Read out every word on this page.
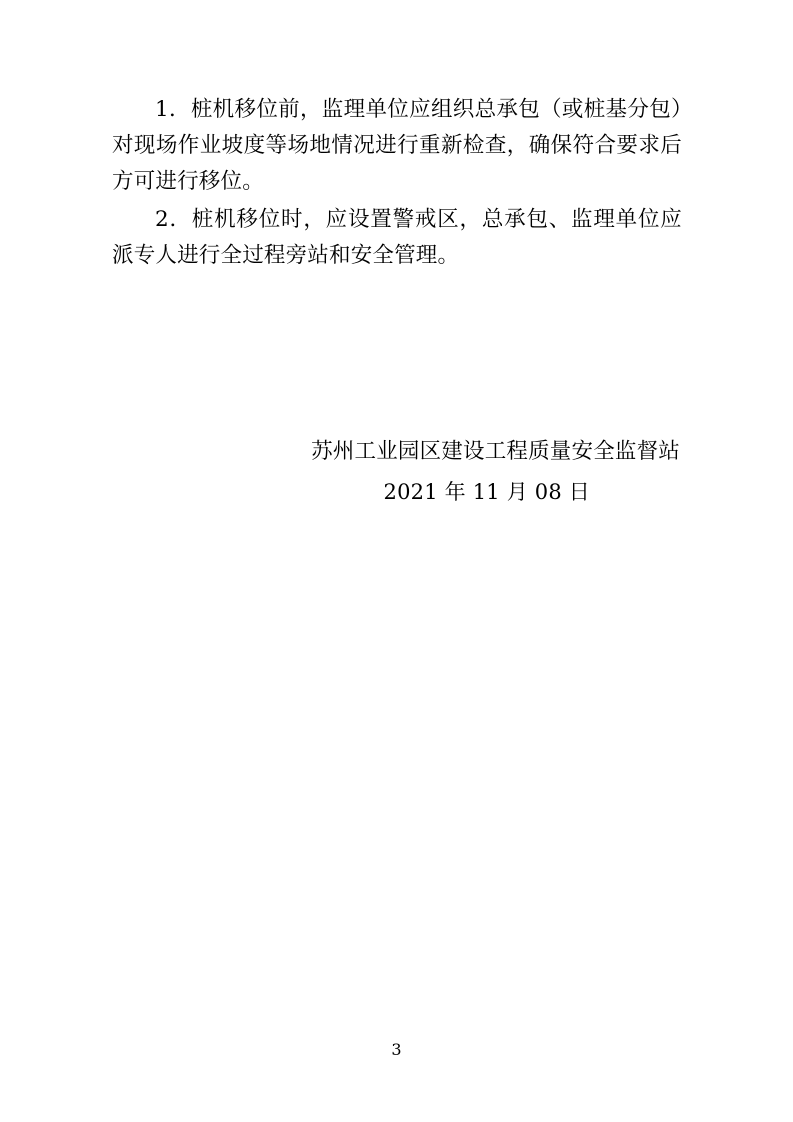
1．桩机移位前，监理单位应组织总承包（或桩基分包）对现场作业坡度等场地情况进行重新检查，确保符合要求后方可进行移位。

2．桩机移位时，应设置警戒区，总承包、监理单位应派专人进行全过程旁站和安全管理。

苏州工业园区建设工程质量安全监督站
2021 年 11 月 08 日
3
